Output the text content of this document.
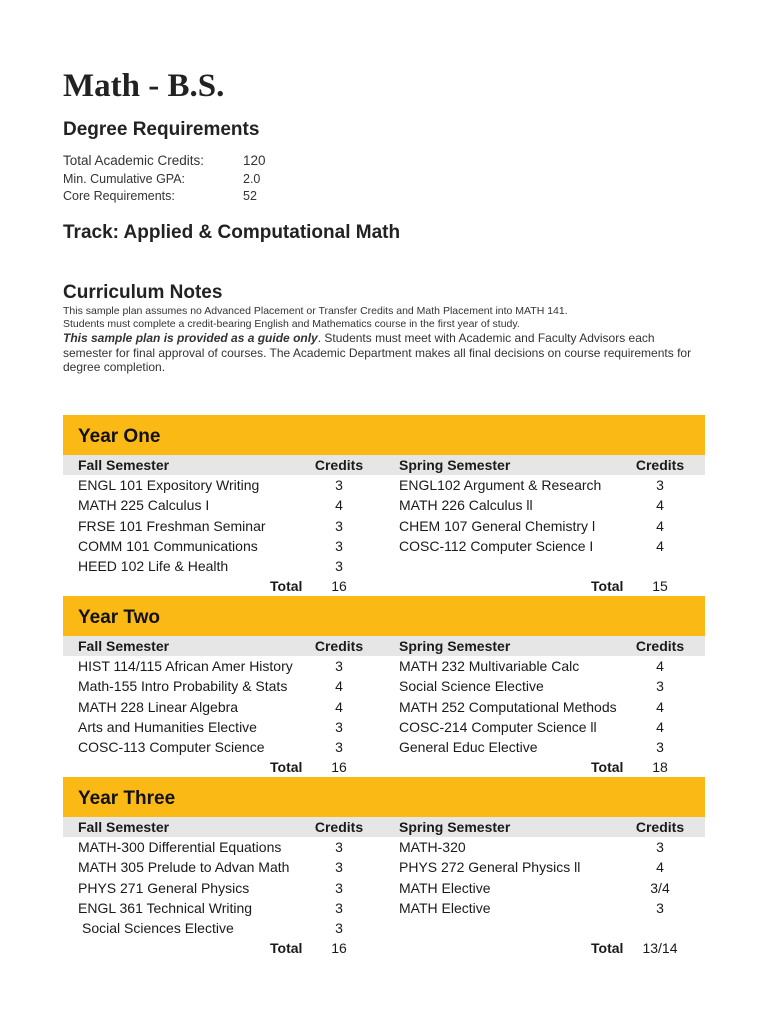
Math - B.S.
Degree Requirements
Total Academic Credits:	120
Min. Cumulative GPA:	2.0
Core Requirements:	52
Track: Applied & Computational Math
Curriculum Notes
This sample plan assumes no Advanced Placement or Transfer Credits and Math Placement into MATH 141.
Students must complete a credit-bearing English and Mathematics course in the first year of study.
This sample plan is provided as a guide only. Students must meet with Academic and Faculty Advisors each semester for final approval of courses. The Academic Department makes all final decisions on course requirements for degree completion.
Year One
Fall Semester	Credits	Spring Semester	Credits
ENGL 101 Expository Writing	3	ENGL102 Argument & Research	3
MATH 225 Calculus I	4	MATH 226 Calculus ll	4
FRSE 101 Freshman Seminar	3	CHEM 107 General Chemistry l	4
COMM 101 Communications	3	COSC-112 Computer Science I	4
HEED 102 Life & Health	3
Total	16	Total	15
Year Two
Fall Semester	Credits	Spring Semester	Credits
HIST 114/115 African Amer History	3	MATH 232 Multivariable Calc	4
Math-155 Intro Probability & Stats	4	Social Science Elective	3
MATH 228 Linear Algebra	4	MATH 252 Computational Methods	4
Arts and Humanities Elective	3	COSC-214 Computer Science ll	4
COSC-113 Computer Science	3	General Educ Elective	3
Total	16	Total	18
Year Three
Fall Semester	Credits	Spring Semester	Credits
MATH-300 Differential Equations	3	MATH-320	3
MATH 305 Prelude to Advan Math	3	PHYS 272 General Physics ll	4
PHYS 271 General Physics	3	MATH Elective	3/4
ENGL 361 Technical Writing	3	MATH Elective	3
Social Sciences Elective	3
Total	16	Total	13/14
